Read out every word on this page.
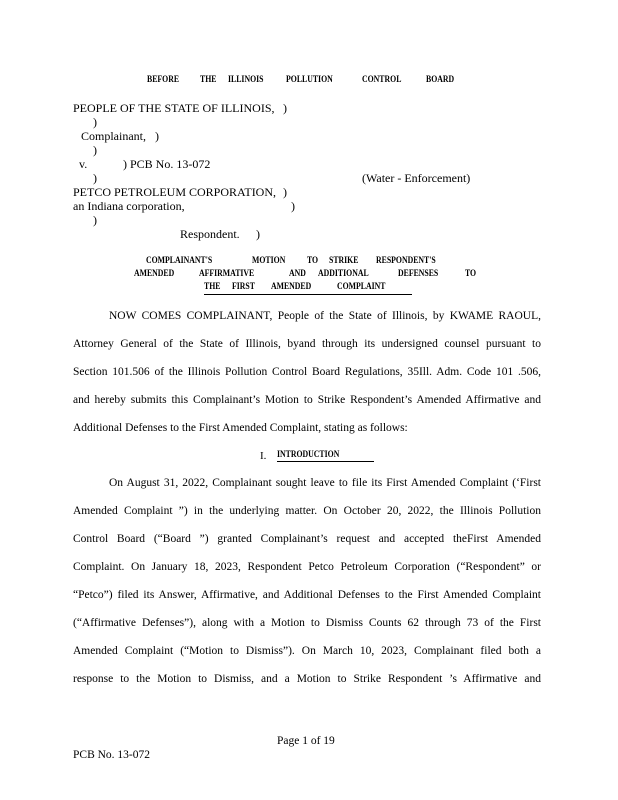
BEFORE THE ILLINOIS POLLUTION	CONTROL	BOARD
PEOPLE OF THE STATE OF ILLINOIS, )
)
Complainant, )
)
v.	) PCB No. 13-072
)	(Water - Enforcement)
PETCO PETROLEUM CORPORATION, )
an Indiana corporation,	)
)
Respondent. )
COMPLAINANT'S	MOTION TO STRIKE RESPONDENT'S
AMENDED	AFFIRMATIVE	AND ADDITIONAL	DEFENSES	TO
THE FIRST AMENDED	COMPLAINT
NOW COMES COMPLAINANT, People of the State of Illinois, by KWAME RAOUL,
Attorney General of the State of Illinois, byand through its undersigned counsel pursuant to
Section 101.506 of the Illinois Pollution Control Board Regulations, 35Ill. Adm. Code 101 .506,
and hereby submits this Complainant’s Motion to Strike Respondent’s Amended Affirmative and
Additional Defenses to the First Amended Complaint, stating as follows:
I. INTRODUCTION
On August 31, 2022, Complainant sought leave to file its First Amended Complaint (‘First
Amended Complaint ”) in the underlying matter. On October 20, 2022, the Illinois Pollution
Control Board (“Board ”) granted Complainant’s request and accepted theFirst Amended
Complaint. On January 18, 2023, Respondent Petco Petroleum Corporation (“Respondent” or
“Petco”) filed its Answer, Affirmative, and Additional Defenses to the First Amended Complaint
(“Affirmative Defenses”), along with a Motion to Dismiss Counts 62 through 73 of the First
Amended Complaint (“Motion to Dismiss”). On March 10, 2023, Complainant filed both a
response to the Motion to Dismiss, and a Motion to Strike Respondent ’s Affirmative and
Page 1 of 19
PCB No. 13-072
